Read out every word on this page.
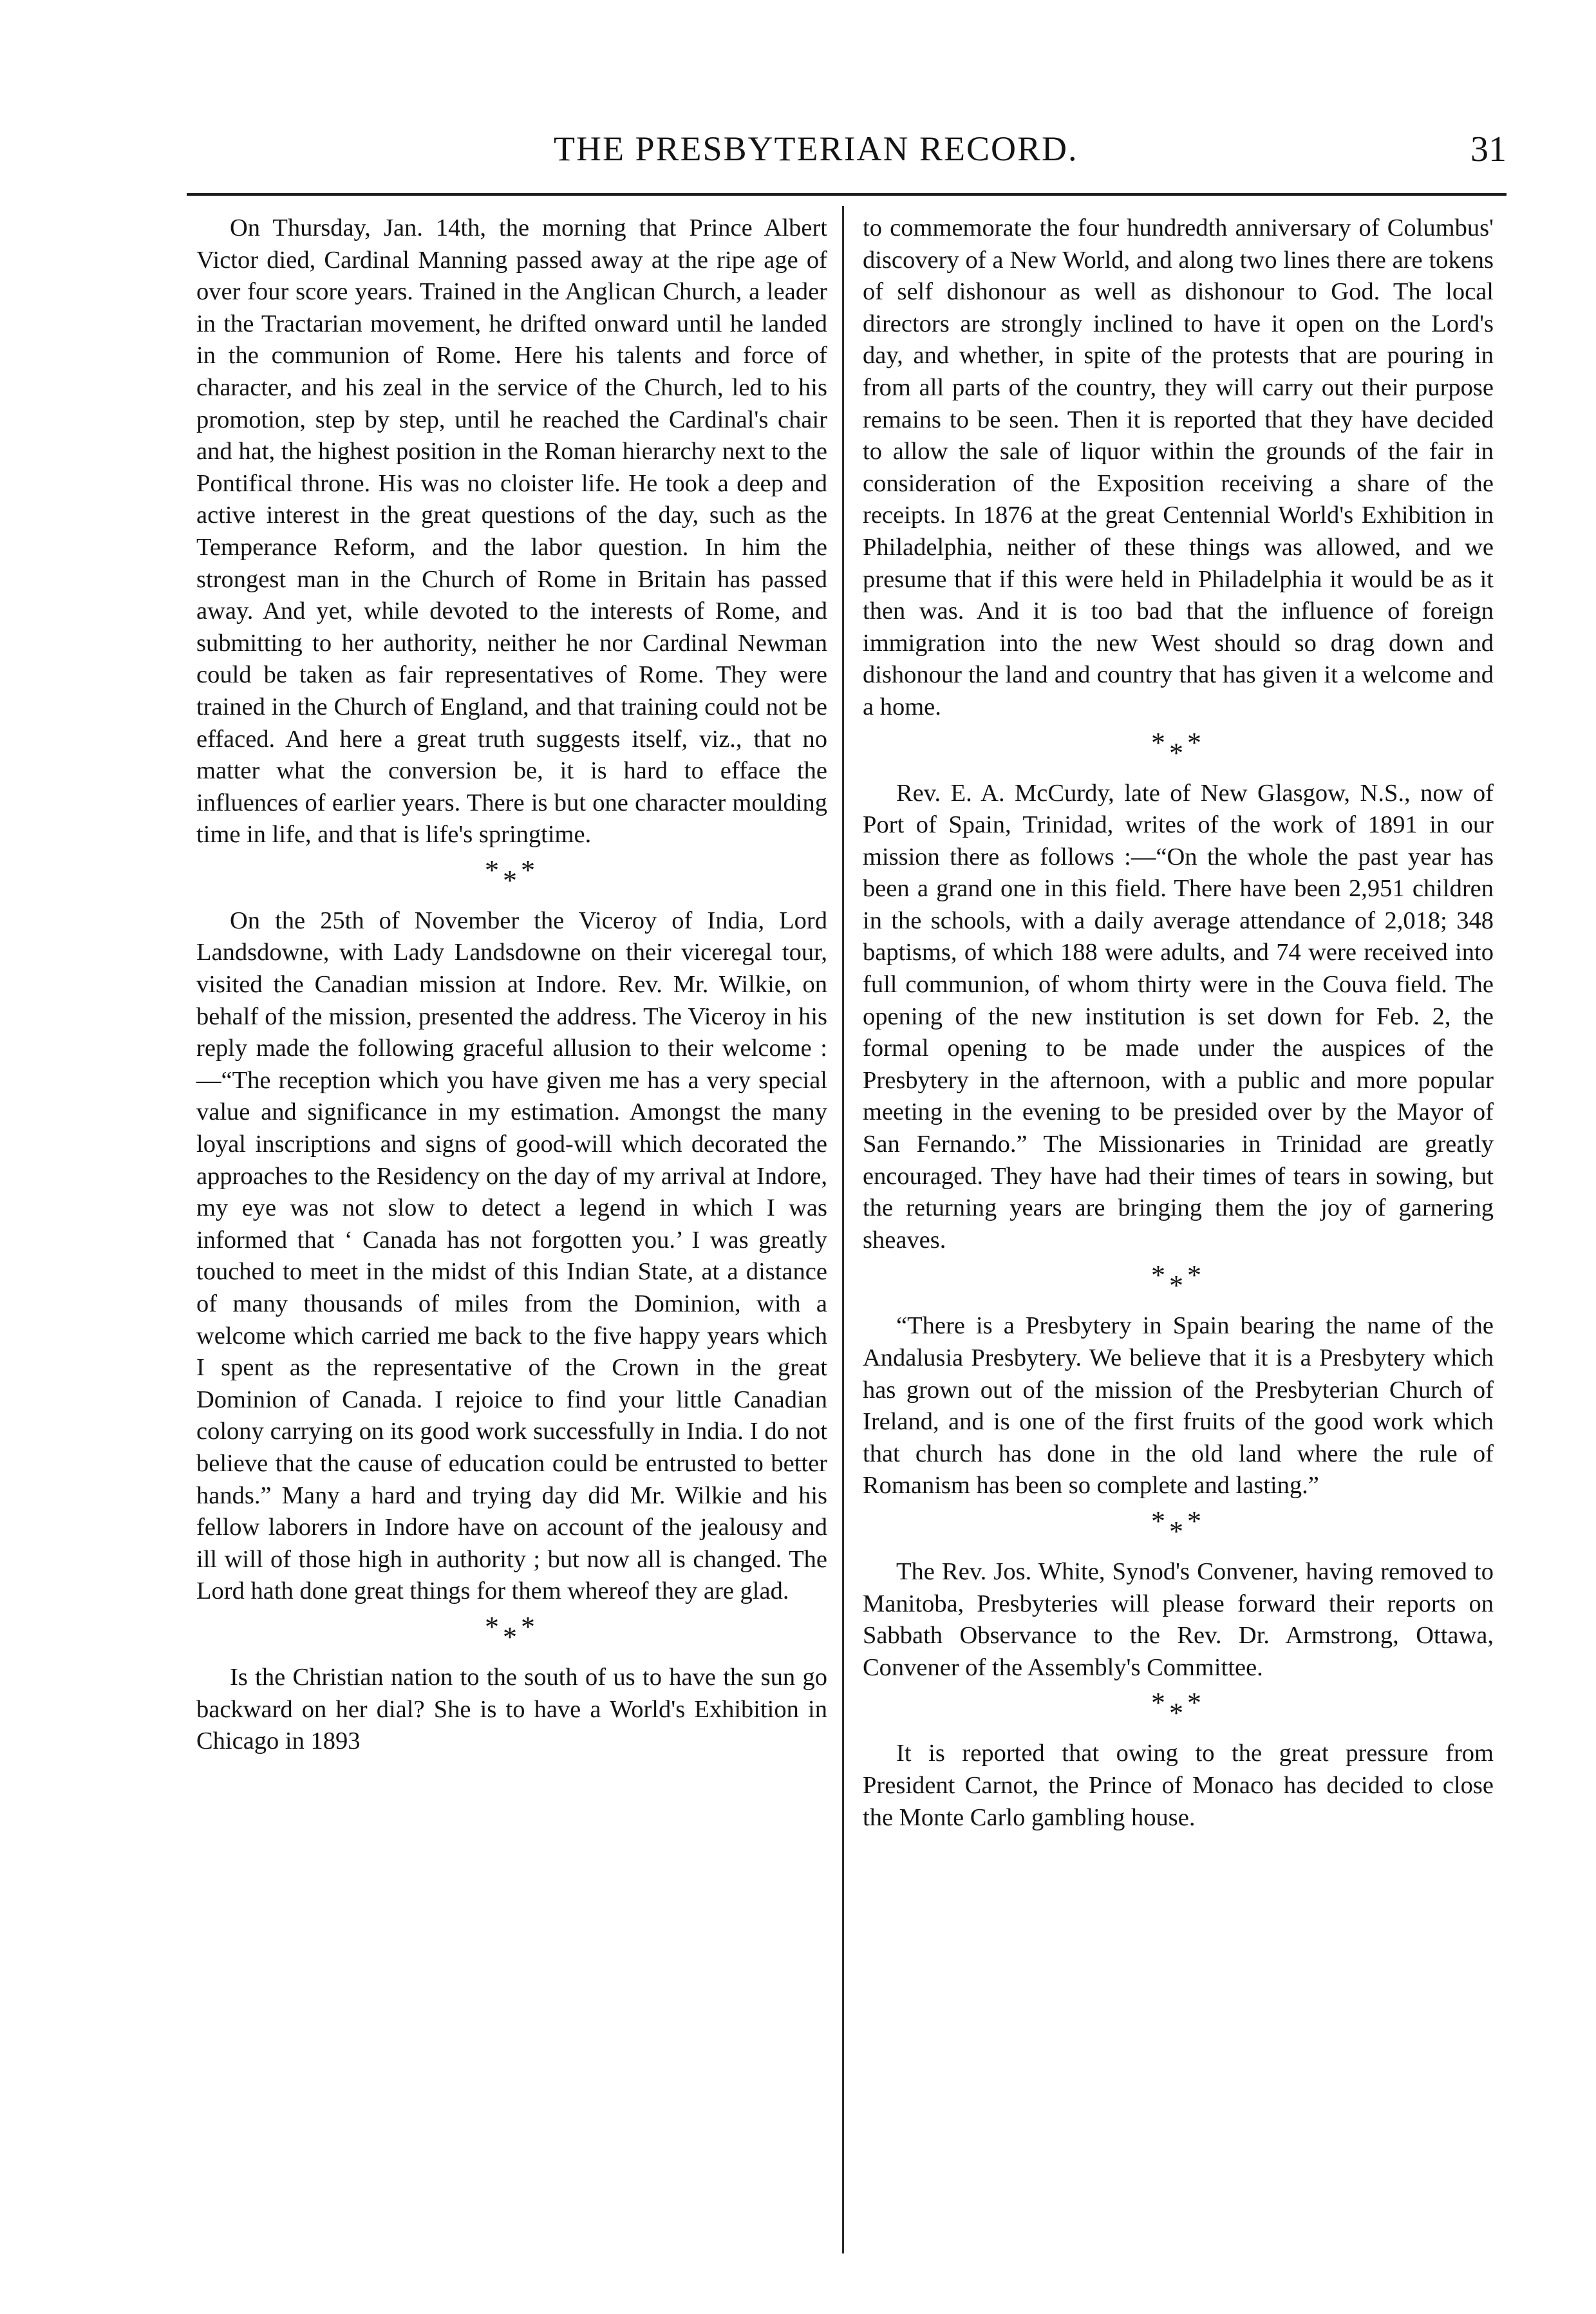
THE PRESBYTERIAN RECORD.	31

On Thursday, Jan. 14th, the morning that Prince Albert Victor died, Cardinal Manning passed away at the ripe age of over four score years. Trained in the Anglican Church, a leader in the Tractarian movement, he drifted onward until he landed in the communion of Rome. Here his talents and force of character, and his zeal in the service of the Church, led to his promotion, step by step, until he reached the Cardinal's chair and hat, the highest position in the Roman hierarchy next to the Pontifical throne. His was no cloister life. He took a deep and active interest in the great questions of the day, such as the Temperance Reform, and the labor question. In him the strongest man in the Church of Rome in Britain has passed away. And yet, while devoted to the interests of Rome, and submitting to her authority, neither he nor Cardinal Newman could be taken as fair representatives of Rome. They were trained in the Church of England, and that training could not be effaced. And here a great truth suggests itself, viz., that no matter what the conversion be, it is hard to efface the influences of earlier years. There is but one character moulding time in life, and that is life's springtime.

***

On the 25th of November the Viceroy of India, Lord Landsdowne, with Lady Landsdowne on their viceregal tour, visited the Canadian mission at Indore. Rev. Mr. Wilkie, on behalf of the mission, presented the address. The Viceroy in his reply made the following graceful allusion to their welcome :—“The reception which you have given me has a very special value and significance in my estimation. Amongst the many loyal inscriptions and signs of good-will which decorated the approaches to the Residency on the day of my arrival at Indore, my eye was not slow to detect a legend in which I was informed that ‘ Canada has not forgotten you.’ I was greatly touched to meet in the midst of this Indian State, at a distance of many thousands of miles from the Dominion, with a welcome which carried me back to the five happy years which I spent as the representative of the Crown in the great Dominion of Canada. I rejoice to find your little Canadian colony carrying on its good work successfully in India. I do not believe that the cause of education could be entrusted to better hands.” Many a hard and trying day did Mr. Wilkie and his fellow laborers in Indore have on account of the jealousy and ill will of those high in authority ; but now all is changed. The Lord hath done great things for them whereof they are glad.

***

Is the Christian nation to the south of us to have the sun go backward on her dial? She is to have a World's Exhibition in Chicago in 1893

to commemorate the four hundredth anniversary of Columbus' discovery of a New World, and along two lines there are tokens of self dishonour as well as dishonour to God. The local directors are strongly inclined to have it open on the Lord's day, and whether, in spite of the protests that are pouring in from all parts of the country, they will carry out their purpose remains to be seen. Then it is reported that they have decided to allow the sale of liquor within the grounds of the fair in consideration of the Exposition receiving a share of the receipts. In 1876 at the great Centennial World's Exhibition in Philadelphia, neither of these things was allowed, and we presume that if this were held in Philadelphia it would be as it then was. And it is too bad that the influence of foreign immigration into the new West should so drag down and dishonour the land and country that has given it a welcome and a home.

***

Rev. E. A. McCurdy, late of New Glasgow, N.S., now of Port of Spain, Trinidad, writes of the work of 1891 in our mission there as follows :—“On the whole the past year has been a grand one in this field. There have been 2,951 children in the schools, with a daily average attendance of 2,018; 348 baptisms, of which 188 were adults, and 74 were received into full communion, of whom thirty were in the Couva field. The opening of the new institution is set down for Feb. 2, the formal opening to be made under the auspices of the Presbytery in the afternoon, with a public and more popular meeting in the evening to be presided over by the Mayor of San Fernando.” The Missionaries in Trinidad are greatly encouraged. They have had their times of tears in sowing, but the returning years are bringing them the joy of garnering sheaves.

***

“There is a Presbytery in Spain bearing the name of the Andalusia Presbytery. We believe that it is a Presbytery which has grown out of the mission of the Presbyterian Church of Ireland, and is one of the first fruits of the good work which that church has done in the old land where the rule of Romanism has been so complete and lasting.”

***

The Rev. Jos. White, Synod's Convener, having removed to Manitoba, Presbyteries will please forward their reports on Sabbath Observance to the Rev. Dr. Armstrong, Ottawa, Convener of the Assembly's Committee.

***

It is reported that owing to the great pressure from President Carnot, the Prince of Monaco has decided to close the Monte Carlo gambling house.
